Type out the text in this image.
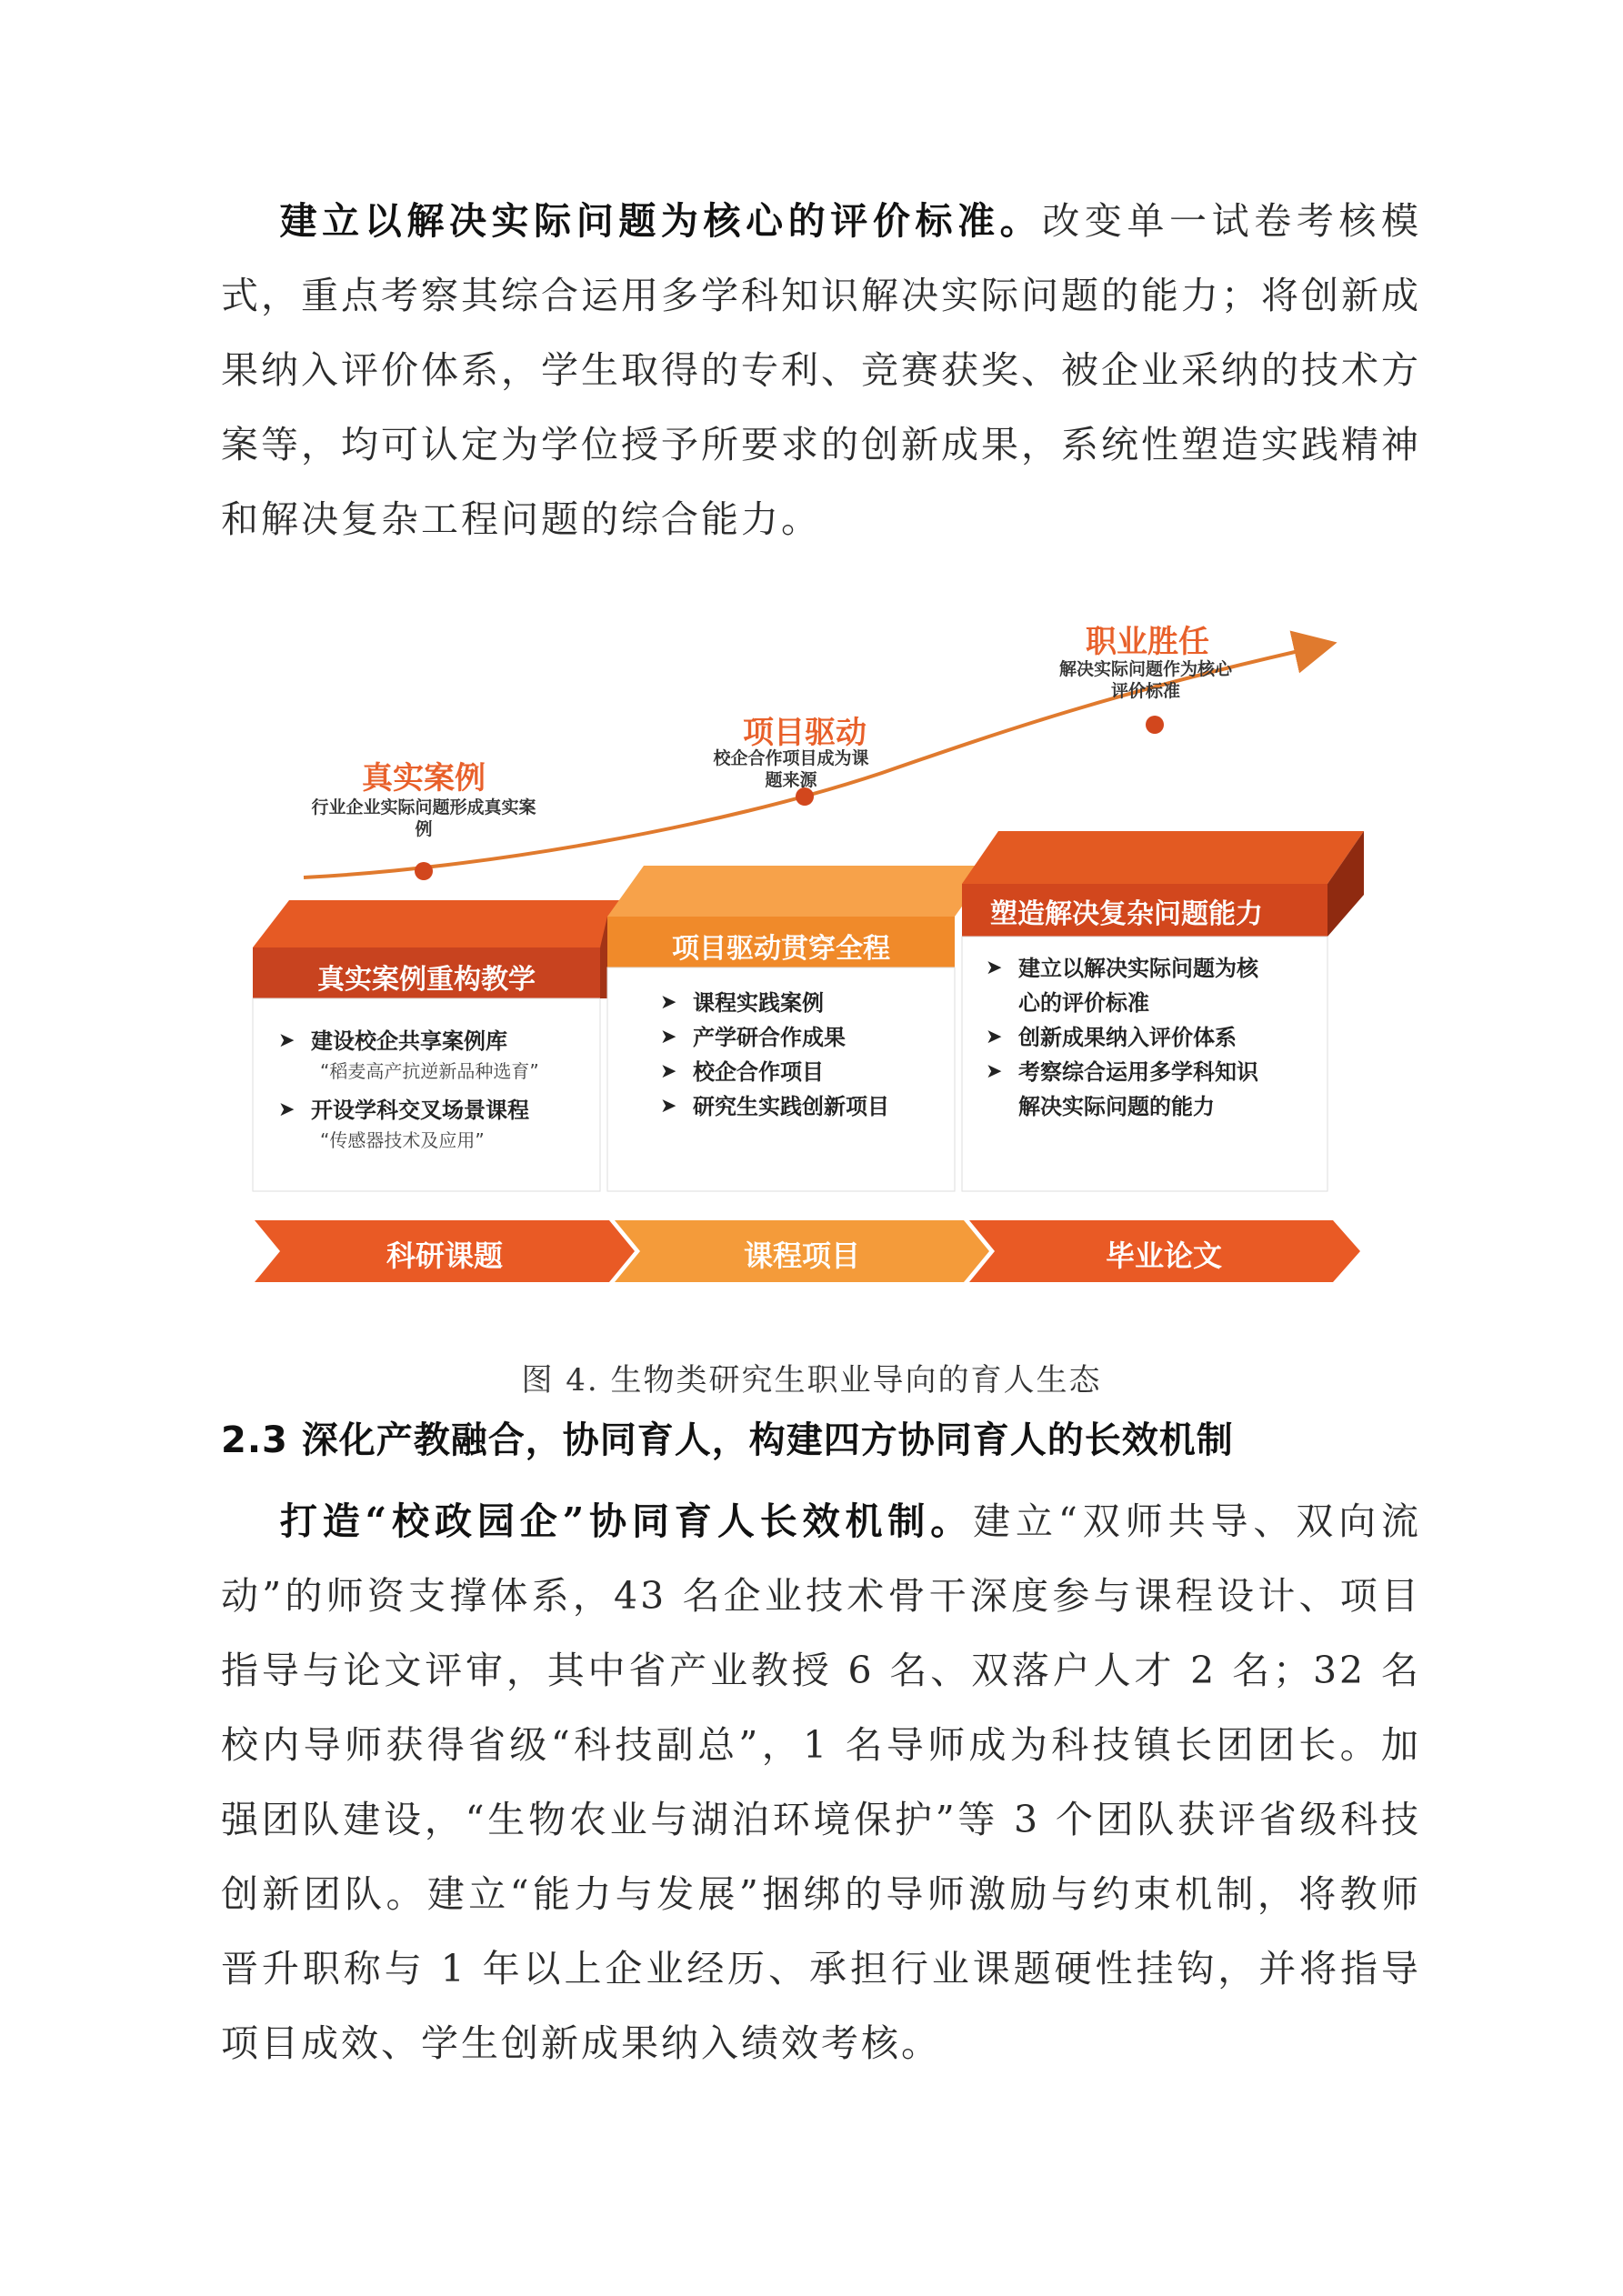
建立以解决实际问题为核心的评价标准。改变单一试卷考核模式，重点考察其综合运用多学科知识解决实际问题的能力；将创新成果纳入评价体系，学生取得的专利、竞赛获奖、被企业采纳的技术方案等，均可认定为学位授予所要求的创新成果，系统性塑造实践精神和解决复杂工程问题的综合能力。

真实案例
行业企业实际问题形成真实案例
项目驱动
校企合作项目成为课题来源
职业胜任
解决实际问题作为核心评价标准
真实案例重构教学
项目驱动贯穿全程
塑造解决复杂问题能力
➤ 建设校企共享案例库
“稻麦高产抗逆新品种选育”
➤ 开设学科交叉场景课程
“传感器技术及应用”
➤ 课程实践案例
➤ 产学研合作成果
➤ 校企合作项目
➤ 研究生实践创新项目
➤ 建立以解决实际问题为核心的评价标准
➤ 创新成果纳入评价体系
➤ 考察综合运用多学科知识解决实际问题的能力
科研课题	课程项目	毕业论文

图 4. 生物类研究生职业导向的育人生态

2.3 深化产教融合，协同育人，构建四方协同育人的长效机制

打造“校政园企”协同育人长效机制。建立“双师共导、双向流动”的师资支撑体系，43 名企业技术骨干深度参与课程设计、项目指导与论文评审，其中省产业教授 6 名、双落户人才 2 名；32 名校内导师获得省级“科技副总”，1 名导师成为科技镇长团团长。加强团队建设，“生物农业与湖泊环境保护”等 3 个团队获评省级科技创新团队。建立“能力与发展”捆绑的导师激励与约束机制，将教师晋升职称与 1 年以上企业经历、承担行业课题硬性挂钩，并将指导项目成效、学生创新成果纳入绩效考核。
